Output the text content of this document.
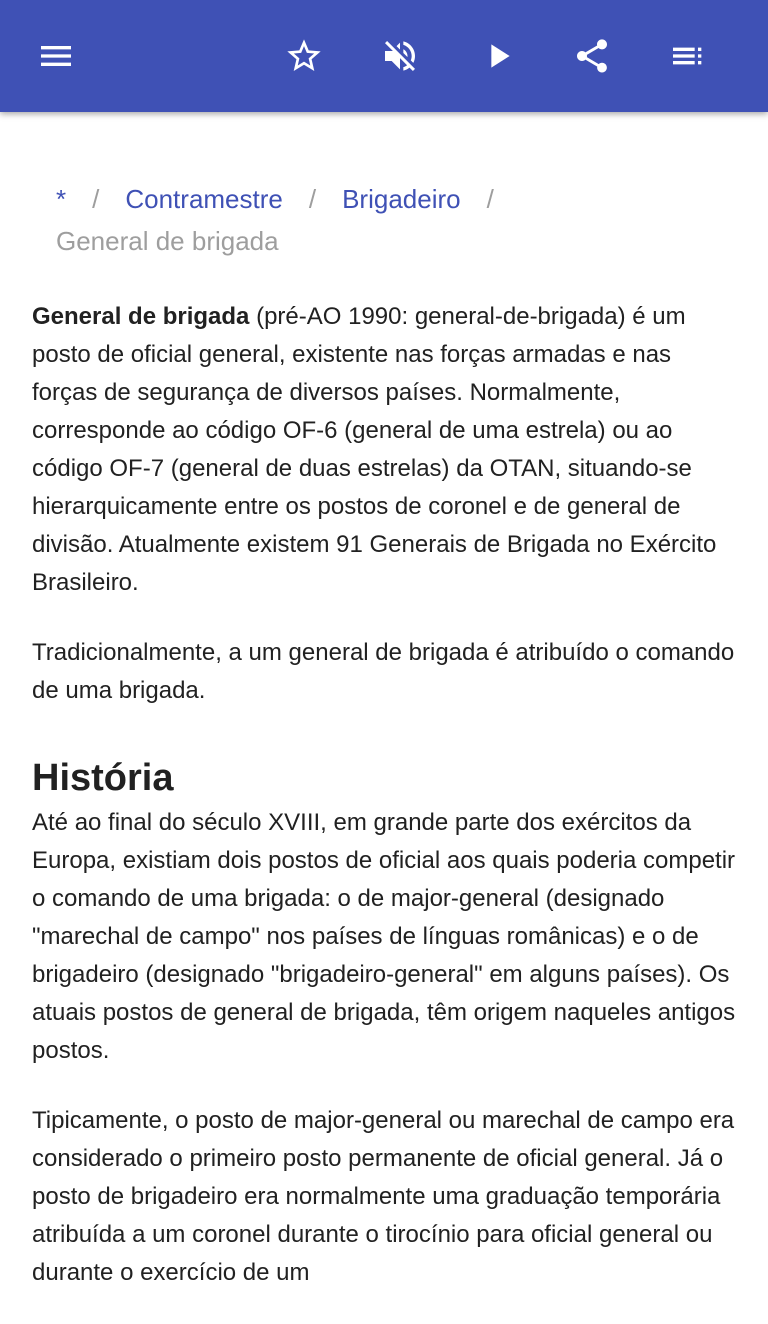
* / Contramestre / Brigadeiro /
General de brigada

General de brigada (pré-AO 1990: general-de-brigada) é um posto de oficial general, existente nas forças armadas e nas forças de segurança de diversos países. Normalmente, corresponde ao código OF-6 (general de uma estrela) ou ao código OF-7 (general de duas estrelas) da OTAN, situando-se hierarquicamente entre os postos de coronel e de general de divisão. Atualmente existem 91 Generais de Brigada no Exército Brasileiro.

Tradicionalmente, a um general de brigada é atribuído o comando de uma brigada.

História

Até ao final do século XVIII, em grande parte dos exércitos da Europa, existiam dois postos de oficial aos quais poderia competir o comando de uma brigada: o de major-general (designado "marechal de campo" nos países de línguas românicas) e o de brigadeiro (designado "brigadeiro-general" em alguns países). Os atuais postos de general de brigada, têm origem naqueles antigos postos.

Tipicamente, o posto de major-general ou marechal de campo era considerado o primeiro posto permanente de oficial general. Já o posto de brigadeiro era normalmente uma graduação temporária atribuída a um coronel durante o tirocínio para oficial general ou durante o exercício de um
